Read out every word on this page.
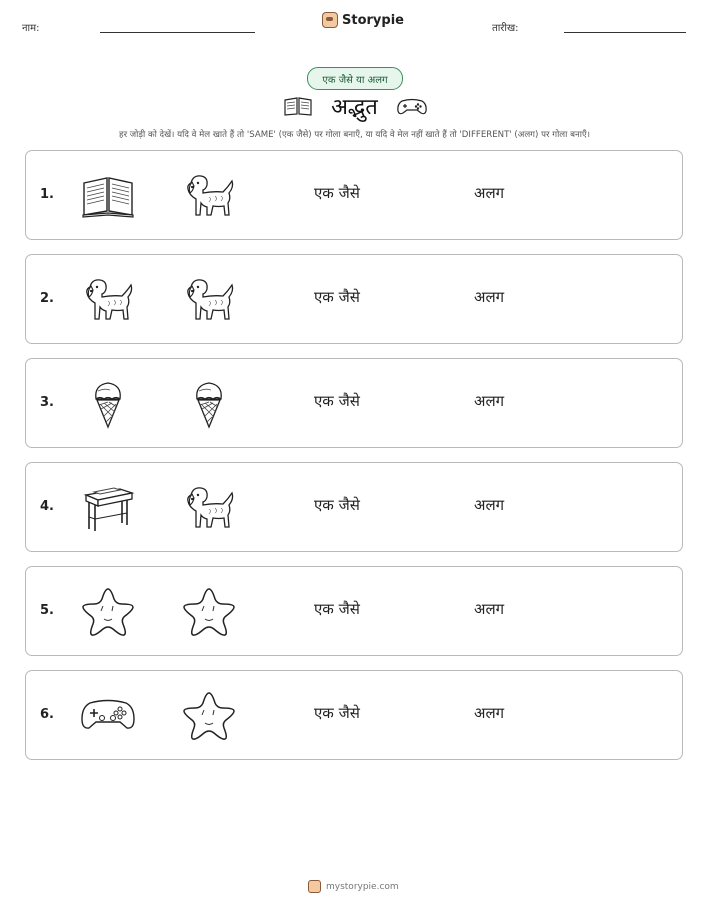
नाम:
Storypie
तारीख:
एक जैसे या अलग
अद्भुत
हर जोड़ी को देखें। यदि वे मेल खाते हैं तो 'SAME' (एक जैसे) पर गोला बनाएँ, या यदि वे मेल नहीं खाते हैं तो 'DIFFERENT' (अलग) पर गोला बनाएँ।
1.	एक जैसे	अलग
2.	एक जैसे	अलग
3.	एक जैसे	अलग
4.	एक जैसे	अलग
5.	एक जैसे	अलग
6.	एक जैसे	अलग
mystorypie.com
